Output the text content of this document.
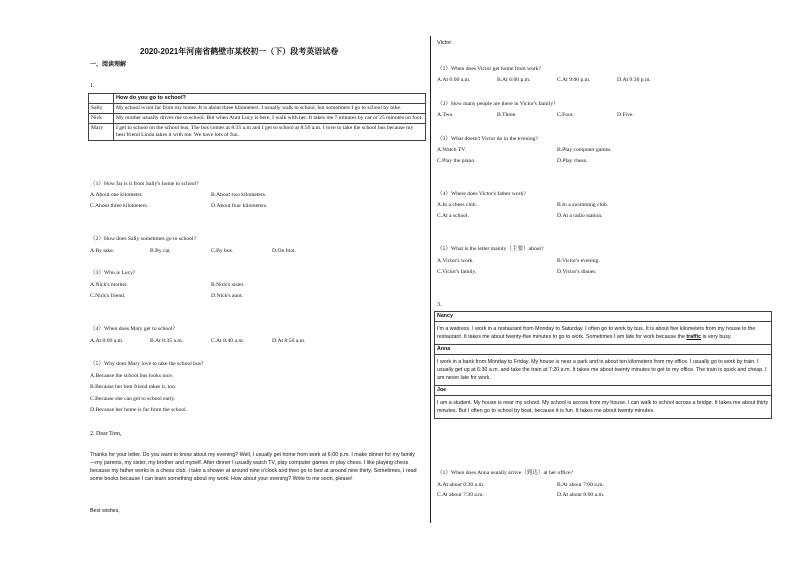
2020-2021年河南省鹤壁市某校初一（下）段考英语试卷
一、阅读理解
1.
	How do you go to school?
Sally	My school is not far from my home. It is about three kilometers. I usually walk to school, but sometimes I go to school by bike.
Nick	My mother usually drives me to school. But when Aunt Lucy is here, I walk with her. It takes me 7 minutes by car or 25 minutes on foot.
Mary	I get to school on the school bus. The bus comes at 8:35 a.m and I get to school at 8:50 a.m. I love to take the school bus because my best friend Linda takes it with me. We have lots of fun.
（1）How far is it from Sally's home to school?
A.About one kilometer.	B.About two kilometers.
C.About three kilometers.	D.About four kilometers.
（2）How does Sally sometimes go to school?
A.By take.	B.By car.	C.By bus.	D.On foot.
（3）Who is Lucy?
A.Nick's mother.	B.Nick's sister.
C.Nick's friend.	D.Nick's aunt.
（4）When does Mary get to school?
A.At 8:00 a.m.	B.At 8:35 a.m.	C.At 8:40 a.m.	D.At 8:50 a.m.
（5）Why does Mary love to take the school bus?
A.Because the school bus looks nice.
B.Because her best friend takes it, too.
C.Because she can get to school early.
D.Because her home is far from the school.
2. Dear Tom,
Thanks for your letter. Do you want to know about my evening? Well, I usually get home from work at 6:00 p.m. I make dinner for my family—my parents, my sister, my brother and myself. After dinner I usually watch TV, play computer games or play chess. I like playing chess because my father works in a chess club. I take a shower at around nine o'clock and then go to bed at around nine thirty. Sometimes, I read some books because I can learn something about my work. How about your evening? Write to me soon, please!
Best wishes,
Victor
（1）When does Victor get home from work?
A.At 6:00 a.m.	B.At 6:00 p.m.	C.At 9:00 p.m.	D.At 9:30 p.m.
（2）How many people are there in Victor's family?
A.Two.	B.Three.	C.Four.	D.Five.
（3）What doesn't Victor do in the evening?
A.Watch TV.	B.Play computer games.
C.Play the piano.	D.Play chess.
（4）Where does Victor's father work?
A.In a chess club.	B.In a swimming club.
C.At a school.	D.At a radio station.
（5）What is the letter mainly（主要）about?
A.Victor's work.	B.Victor's evening.
C.Victor's family.	D.Victor's dinner.
3.
Nancy
I'm a waitress. I work in a restaurant from Monday to Saturday. I often go to work by bus. It is about five kilometers from my house to the restaurant. It takes me about twenty-five minutes to go to work. Sometimes I am late for work because the traffic is very busy.
Anna
I work in a bank from Monday to Friday. My house is near a park and is about ten kilometers from my office. I usually go to work by train. I usually get up at 6:30 a.m. and take the train at 7:20 a.m. It takes me about twenty minutes to get to my office. The train is quick and cheap. I am never late for work.
Joe
I am a student. My house is near my school. My school is across from my house. I can walk to school across a bridge. It takes me about thirty minutes. But I often go to school by boat, because it is fun. It takes me about twenty minutes.
（1）When does Anna usually arrive（到达）at her office?
A.At about 6:30 a.m.	B.At about 7:00 a.m.
C.At about 7:30 a.m.	D.At about 8:00 a.m.
